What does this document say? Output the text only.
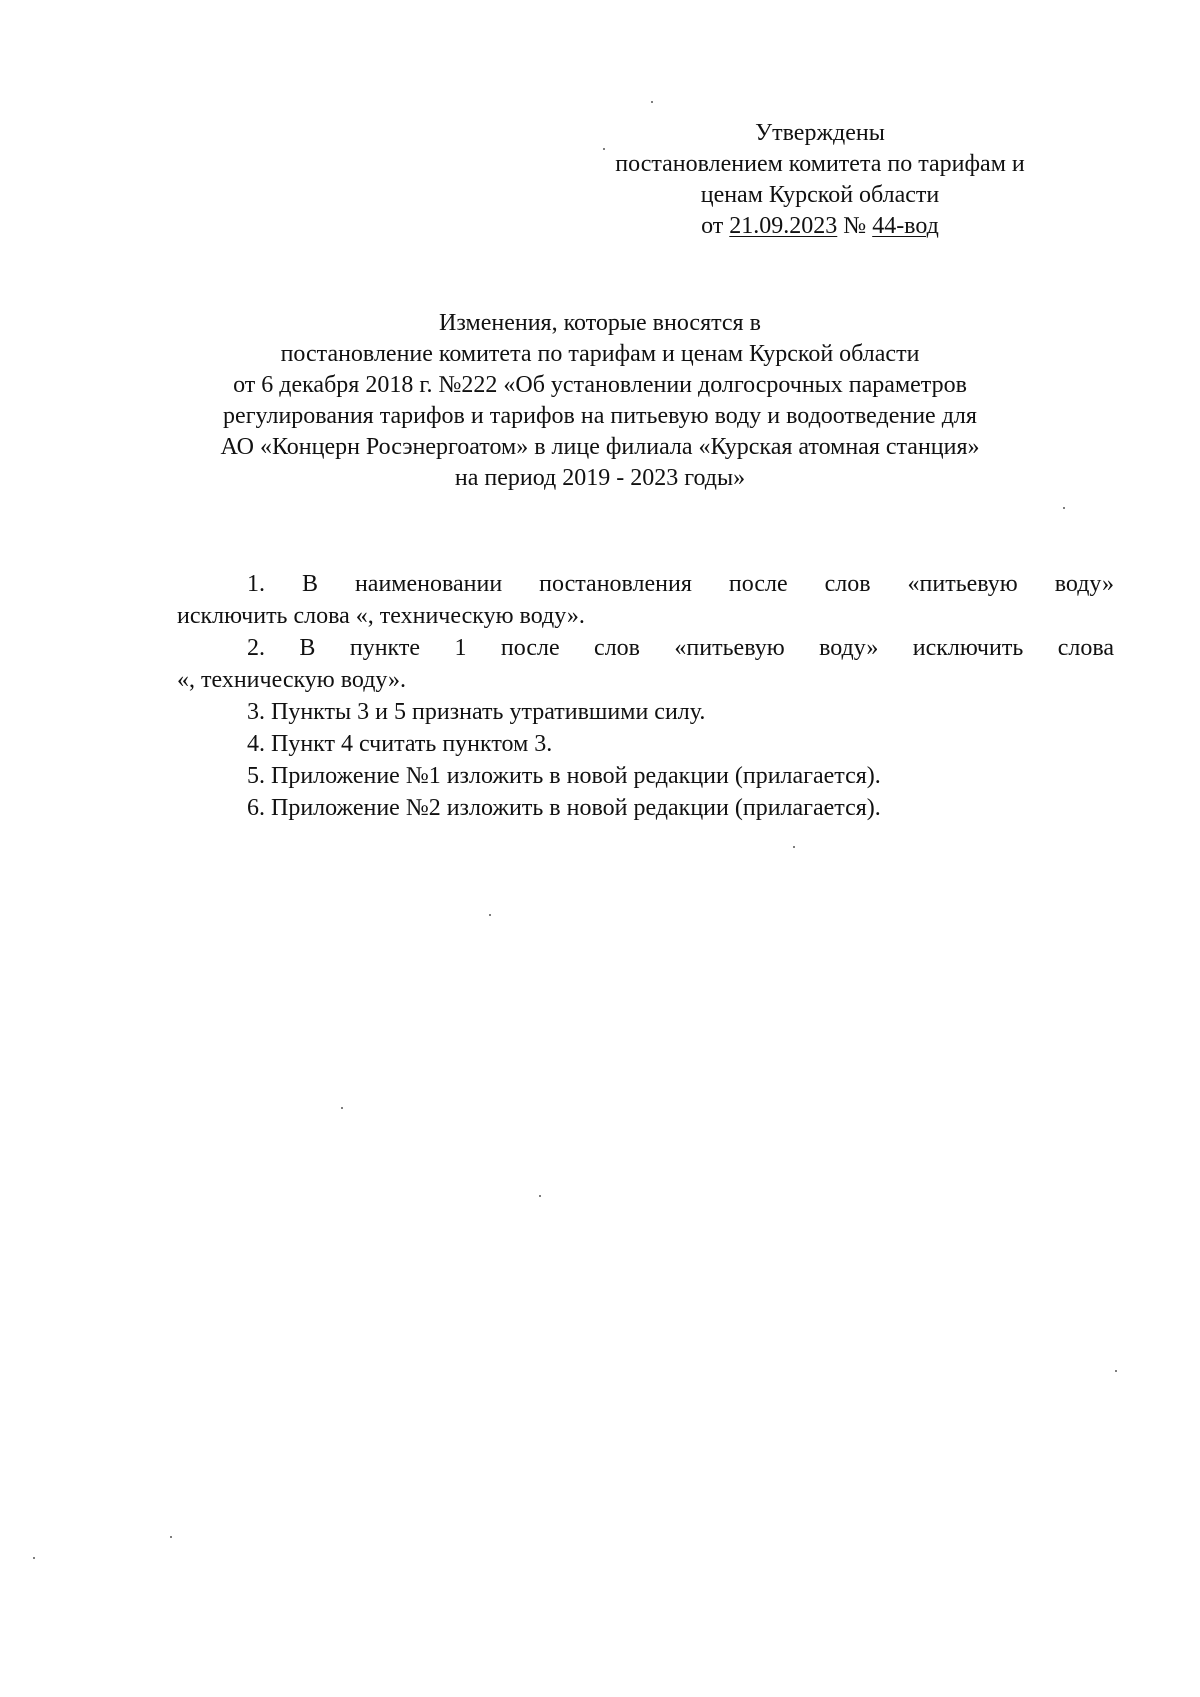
Утверждены
постановлением комитета по тарифам и
ценам Курской области
от 21.09.2023 № 44-вод
Изменения, которые вносятся в
постановление комитета по тарифам и ценам Курской области
от 6 декабря 2018 г. №222 «Об установлении долгосрочных параметров
регулирования тарифов и тарифов на питьевую воду и водоотведение для
АО «Концерн Росэнергоатом» в лице филиала «Курская атомная станция»
на период 2019 - 2023 годы»

1. В наименовании постановления после слов «питьевую воду»
исключить слова «, техническую воду».

2. В пункте 1 после слов «питьевую воду» исключить слова
«, техническую воду».

3. Пункты 3 и 5 признать утратившими силу.

4. Пункт 4 считать пунктом 3.

5. Приложение №1 изложить в новой редакции (прилагается).

6. Приложение №2 изложить в новой редакции (прилагается).
